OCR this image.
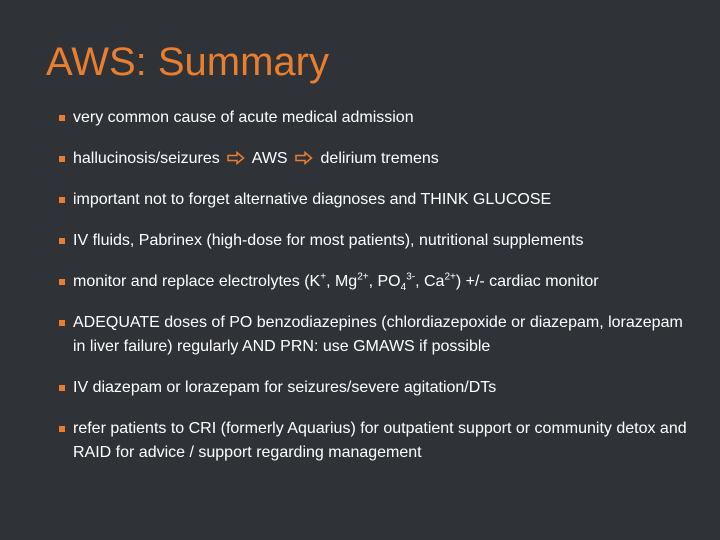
AWS: Summary
very common cause of acute medical admission
hallucinosis/seizures AWS delirium tremens
important not to forget alternative diagnoses and THINK GLUCOSE
IV fluids, Pabrinex (high-dose for most patients), nutritional supplements
monitor and replace electrolytes (K+, $Mg^{2+}$, $PO_4^{3-}$, $Ca^{2+}$) +/- cardiac monitor
ADEQUATE doses of PO benzodiazepines (chlordiazepoxide or diazepam, lorazepam in liver failure) regularly AND PRN: use GMAWS if possible
IV diazepam or lorazepam for seizures/severe agitation/DTs
refer patients to CRI (formerly Aquarius) for outpatient support or community detox and RAID for advice / support regarding management
